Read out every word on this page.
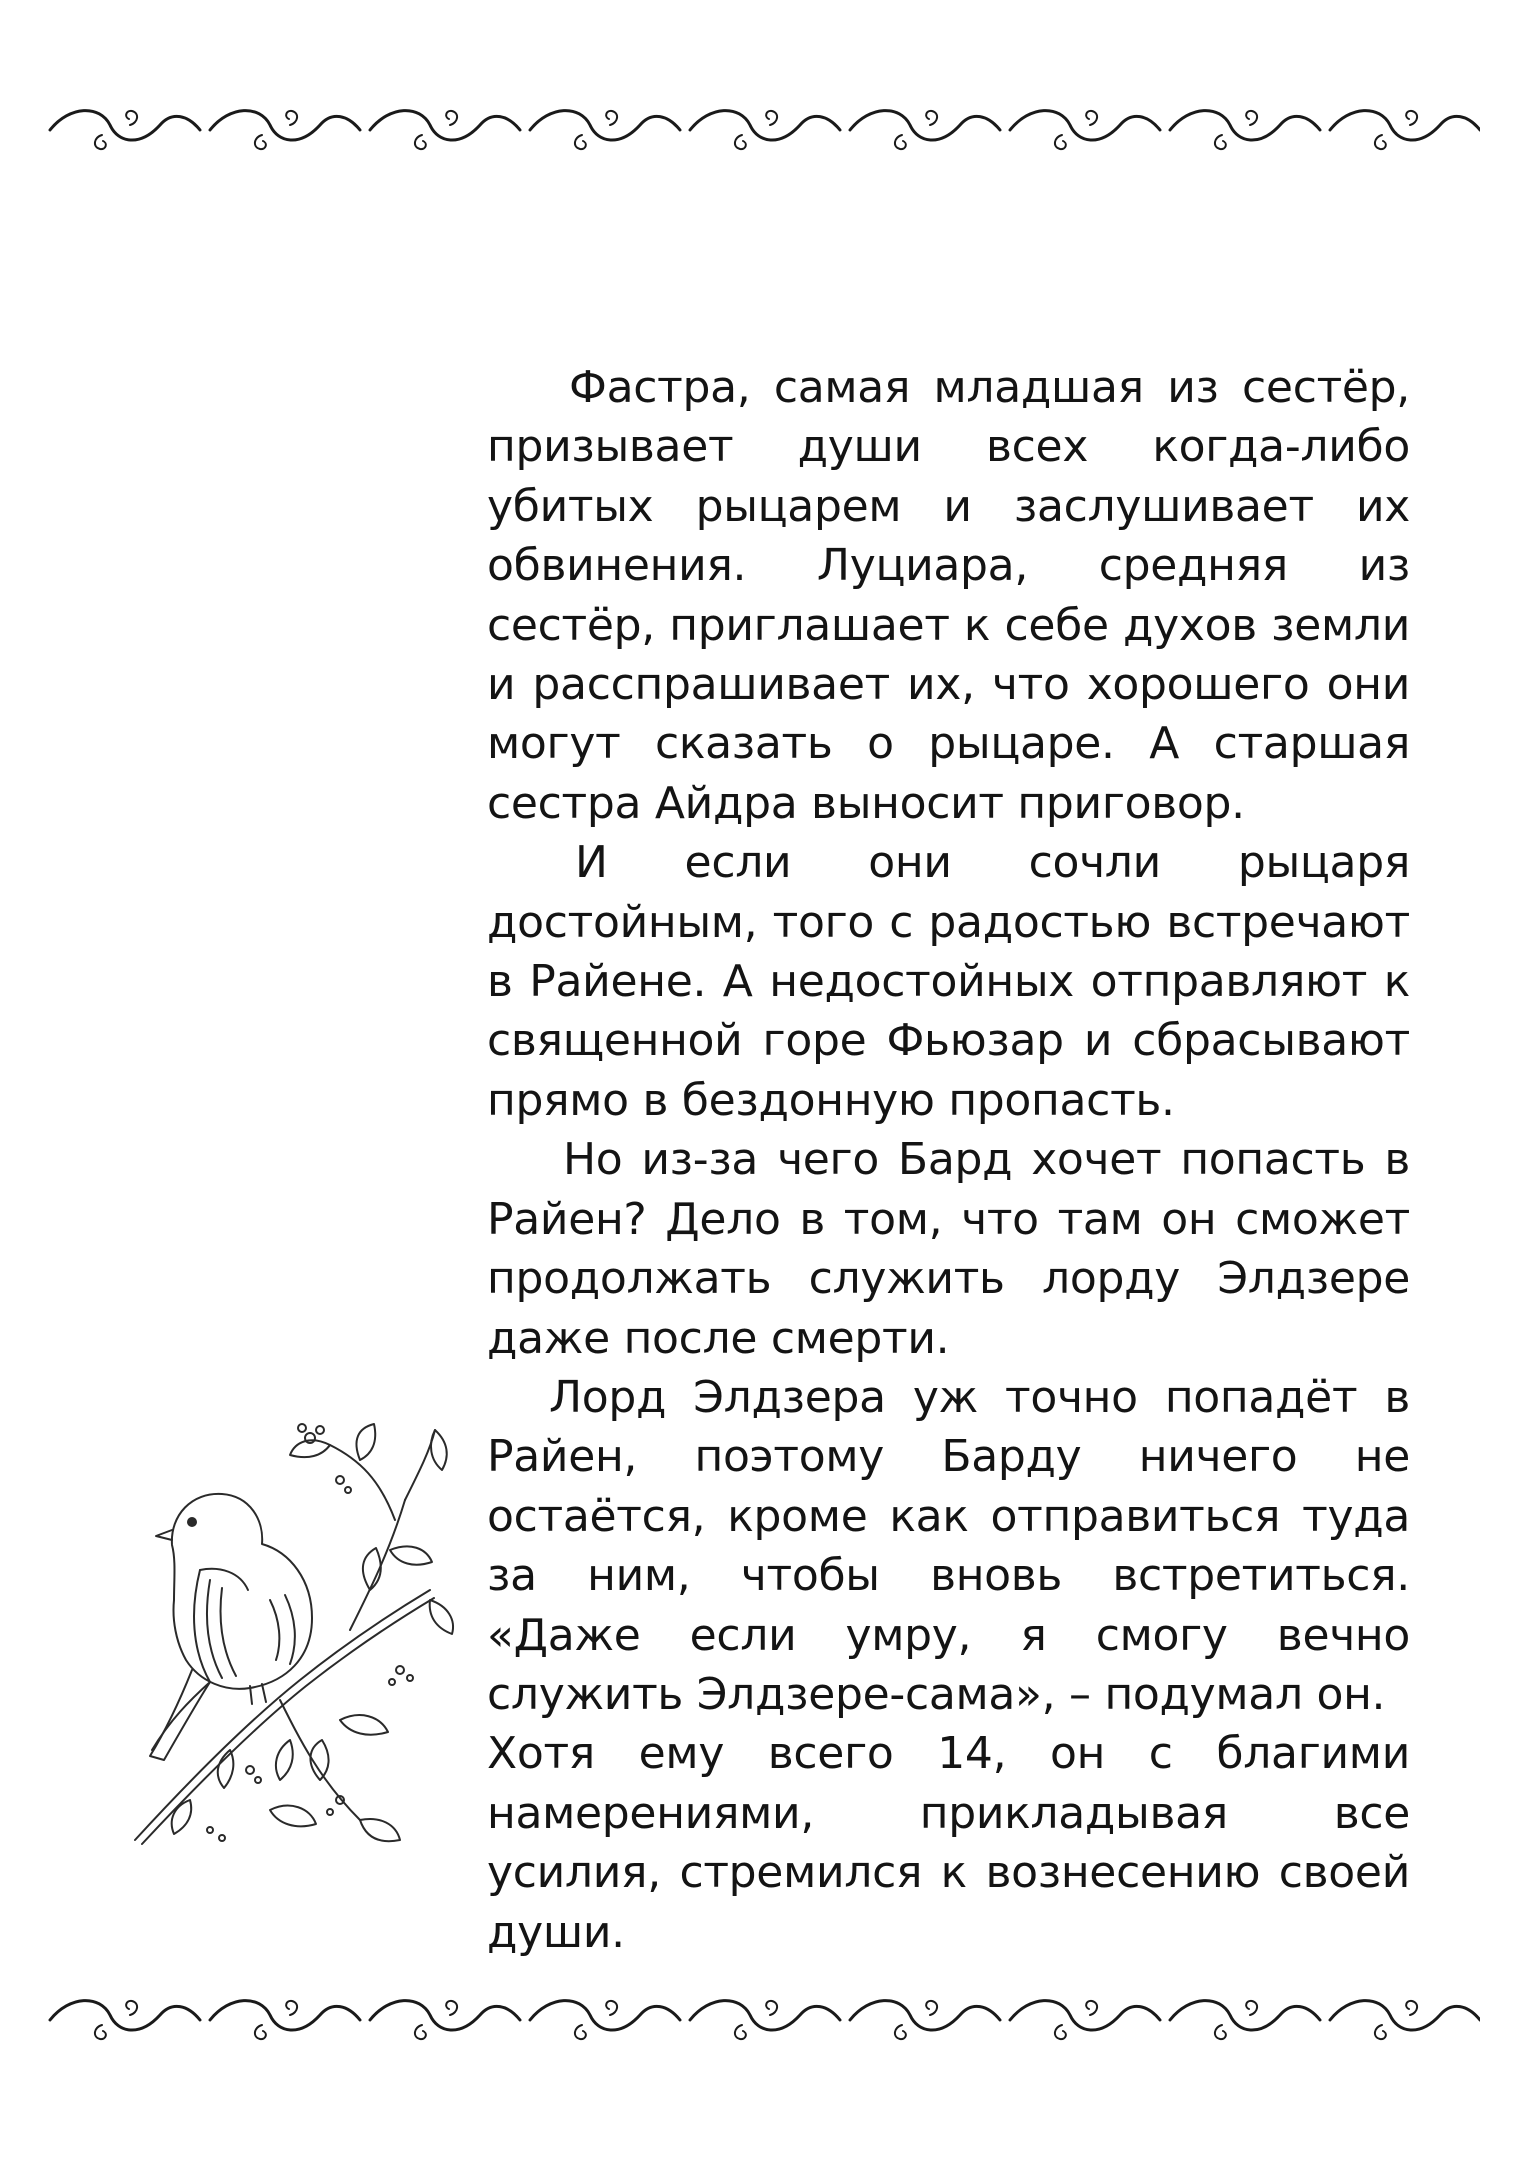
Фастра, самая младшая из сестёр, призывает души всех когда-либо убитых рыцарем и заслушивает их обвинения. Луциара, средняя из сестёр, приглашает к себе духов земли и расспрашивает их, что хорошего они могут сказать о рыцаре. А старшая сестра Айдра выносит приговор.

И если они сочли рыцаря достойным, того с радостью встречают в Райене. А недостойных отправляют к священной горе Фьюзар и сбрасывают прямо в бездонную пропасть.

Но из-за чего Бард хочет попасть в Райен? Дело в том, что там он сможет продолжать служить лорду Элдзере даже после смерти.

Лорд Элдзера уж точно попадёт в Райен, поэтому Барду ничего не остаётся, кроме как отправиться туда за ним, чтобы вновь встретиться. «Даже если умру, я смогу вечно служить Элдзере-сама», – подумал он.

Хотя ему всего 14, он с благими намерениями, прикладывая все усилия, стремился к вознесению своей души.
